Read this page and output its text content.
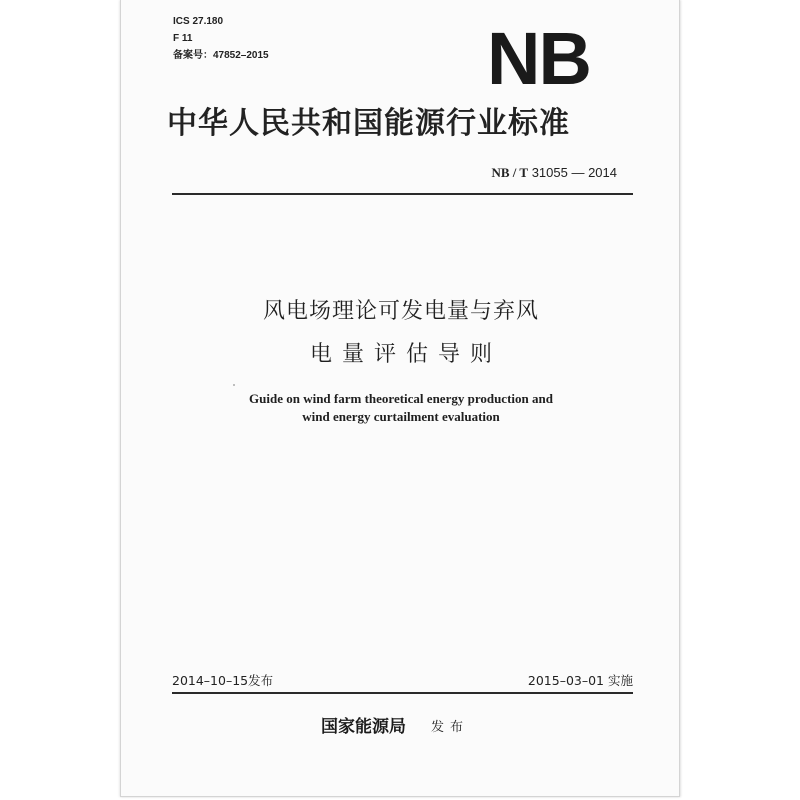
ICS 27.180
F 11
备案号：47852–2015	NB
中华人民共和国能源行业标准
NB / T 31055 — 2014
风电场理论可发电量与弃风
电量评估导则
Guide on wind farm theoretical energy production and
wind energy curtailment evaluation
2014–10–15发布	2015–03–01 实施
国家能源局 发布
